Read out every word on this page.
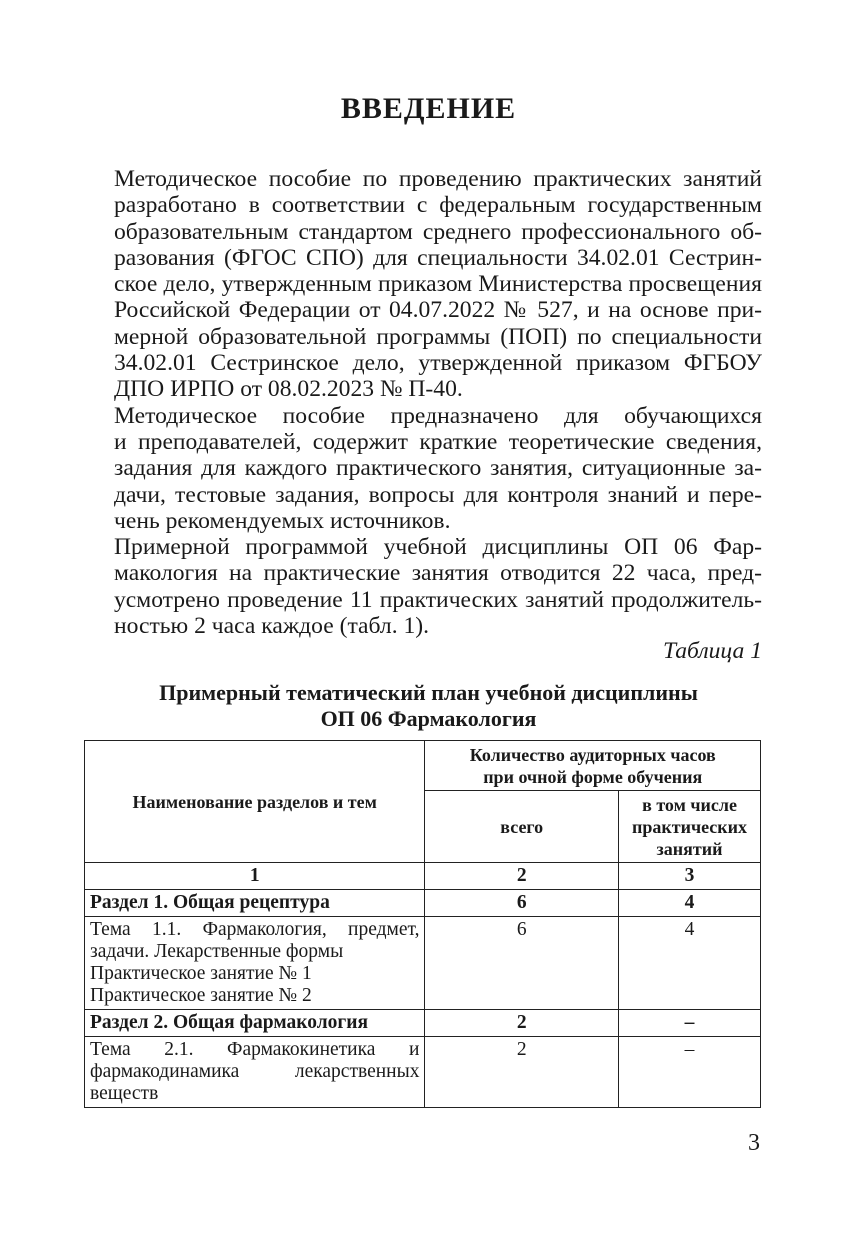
ВВЕДЕНИЕ

Методическое пособие по проведению практических занятий
разработано в соответствии с федеральным государственным
образовательным стандартом среднего профессионального об-
разования (ФГОС СПО) для специальности 34.02.01 Сестрин-
ское дело, утвержденным приказом Министерства просвещения
Российской Федерации от 04.07.2022 № 527, и на основе при-
мерной образовательной программы (ПОП) по специальности
34.02.01 Сестринское дело, утвержденной приказом ФГБОУ
ДПО ИРПО от 08.02.2023 № П-40.

Методическое пособие предназначено для обучающихся
и преподавателей, содержит краткие теоретические сведения,
задания для каждого практического занятия, ситуационные за-
дачи, тестовые задания, вопросы для контроля знаний и пере-
чень рекомендуемых источников.

Примерной программой учебной дисциплины ОП 06 Фар-
макология на практические занятия отводится 22 часа, пред-
усмотрено проведение 11 практических занятий продолжитель-
ностью 2 часа каждое (табл. 1).

Таблица 1
Примерный тематический план учебной дисциплины
ОП 06 Фармакология
Наименование разделов и тем	Количество аудиторных часов при очной форме обучения	
	всего	в том числе практических занятий
1	2	3
Раздел 1. Общая рецептура	6	4

Тема 1.1. Фармакология, предмет, задачи. Лекарственные формы
Практическое занятие № 1
Практическое занятие № 2	6	4
Раздел 2. Общая фармакология	2	–

Тема 2.1. Фармакокинетика и фармакодинамика лекарственных веществ	2	–
3
